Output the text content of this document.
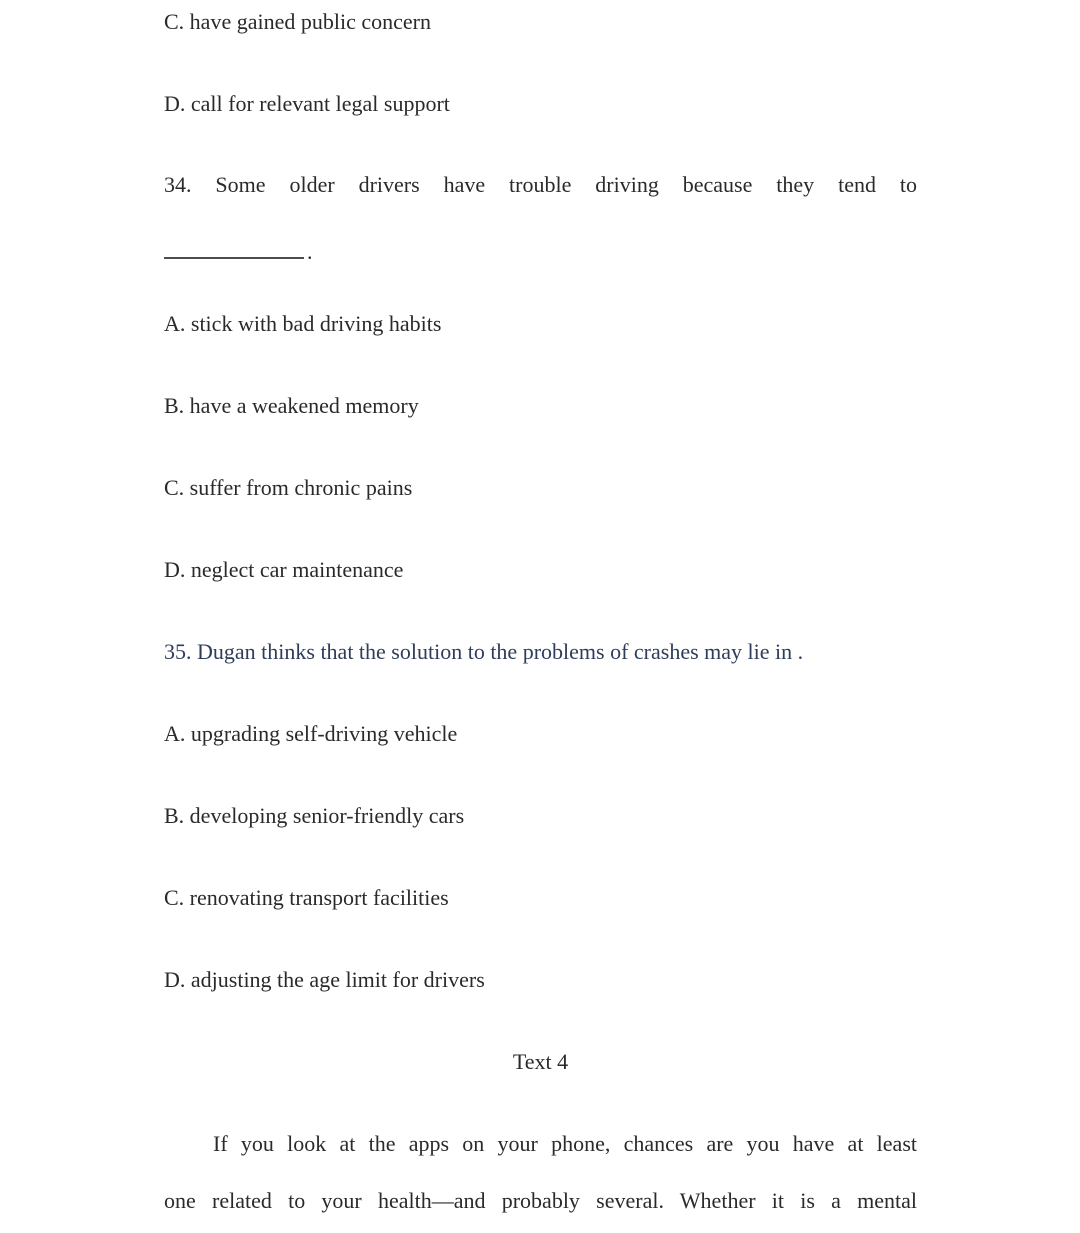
C. have gained public concern
D. call for relevant legal support
34. Some older drivers have trouble driving because they tend to
.
A. stick with bad driving habits
B. have a weakened memory
C. suffer from chronic pains
D. neglect car maintenance
35. Dugan thinks that the solution to the problems of crashes may lie in .
A. upgrading self-driving vehicle
B. developing senior-friendly cars
C. renovating transport facilities
D. adjusting the age limit for drivers
Text 4
If you look at the apps on your phone, chances are you have at least
one related to your health—and probably several. Whether it is a mental
